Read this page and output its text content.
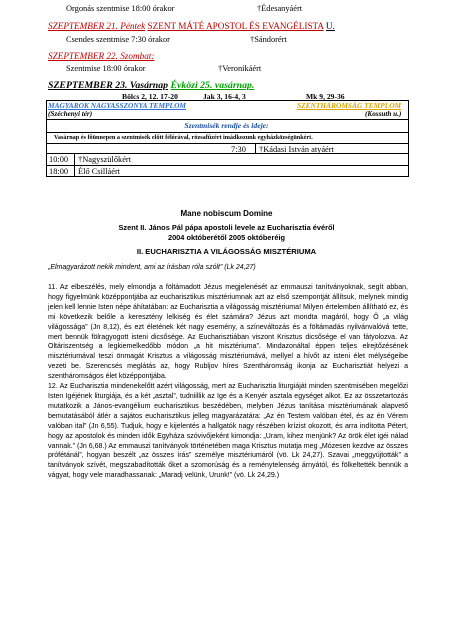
Orgonás szentmise 18:00 órakor	†Édesanyáért
SZEPTEMBER 21. Péntek SZENT MÁTÉ APOSTOL ÉS EVANGÉLISTA U.
Csendes szentmise 7:30 órakor	†Sándorért
SZEPTEMBER 22. Szombat:
Szentmise 18:00 órakor	†Veronikáért
SZEPTEMBER 23. Vasárnap Évközi 25. vasárnap.
Bölcs 2, 12. 17-20	Jak 3, 16-4, 3	Mk 9, 29-36
MAGYAROK NAGYASSZONYA TEMPLOM	SZENTHÁROMSÁG TEMPLOM
(Széchenyi tér)	(Kossuth u.)
Szentmisék rendje és ideje:
Vasárnap és főünnepen a szentmisék előtt félórával, rózsafűzért imádkozunk egyházközségünkért.
7:30 †Kádasi István atyáért
10:00 †Nagyszülőkért
18:00 Élő Csilláért
Mane nobiscum Domine
Szent II. János Pál pápa apostoli levele az Eucharisztia évéről
2004 októberétől 2005 októberéig
II. EUCHARISZTIA A VILÁGOSSÁG MISZTÉRIUMA
„Elmagyarázott nekik mindent, ami az írásban róla szólt” (Lk 24,27)

11. Az elbeszélés, mely elmondja a föltámadott Jézus megjelenését az emmauszi tanítványoknak, segít abban, hogy figyelmünk középpontjába az eucharisztikus misztériumnak azt az első szempontját állítsuk, melynek mindig jelen kell lennie Isten népe áhítatában: az Eucharisztia a világosság misztériuma! Milyen értelemben állítható ez, és mi következik belőle a keresztény lelkiség és élet számára? Jézus azt mondta magáról, hogy Ő „a világ világossága” (Jn 8,12), és ezt életének két nagy esemény, a színeváltozás és a föltámadás nyilvánvalóvá tette, mert bennük fölragyogott isteni dicsősége. Az Eucharisztiában viszont Krisztus dicsősége el van fátyolozva. Az Oltáriszentség a legkiemelkedőbb módon „a hit misztériuma”. Mindazonáltal éppen teljes elrejtőzésének misztériumával teszi önmagát Krisztus a világosság misztériumává, mellyel a hívőt az isteni élet mélységeibe vezeti be. Szerencsés meglátás az, hogy Rubljov híres Szentháromság ikonja az Eucharisztiát helyezi a szentháromságos élet középpontjába.

12. Az Eucharisztia mindenekelőtt azért világosság, mert az Eucharisztia liturgiáját minden szentmisében megelőzi Isten Igéjének liturgiája, és a két „asztal”, tudniillik az Ige és a Kenyér asztala egységet alkot. Ez az összetartozás mutatkozik a János-evangélium eucharisztikus beszédében, melyben Jézus tanítása misztériumának alapvető bemutatásából átlér a sajátos eucharisztikus jelleg magyarázatára: „Az én Testem valóban étel, és az én Vérem valóban ital” (Jn 6,55). Tudjuk, hogy e kijelentés a hallgatók nagy részében krízist okozott, és arra indította Pétert, hogy az apostolok és minden idők Egyháza szóvivőjeként kimondja: „Uram, kihez menjünk? Az örök élet igéi nálad vannak.” (Jn 6,68.) Az emmauszi tanítványok történetében maga Krisztus mutatja meg „Mózesen kezdve az összes prófétánál”, hogyan beszélt „az összes írás” személye misztériumáról (vö. Lk 24,27). Szavai „meggyújtották” a tanítványok szívét, megszabadították őket a szomorúság és a reménytelenség árnyától, és fölkeltették bennük a vágyat, hogy vele maradhassanak: „Maradj velünk, Urunk!” (vö. Lk 24,29.)
